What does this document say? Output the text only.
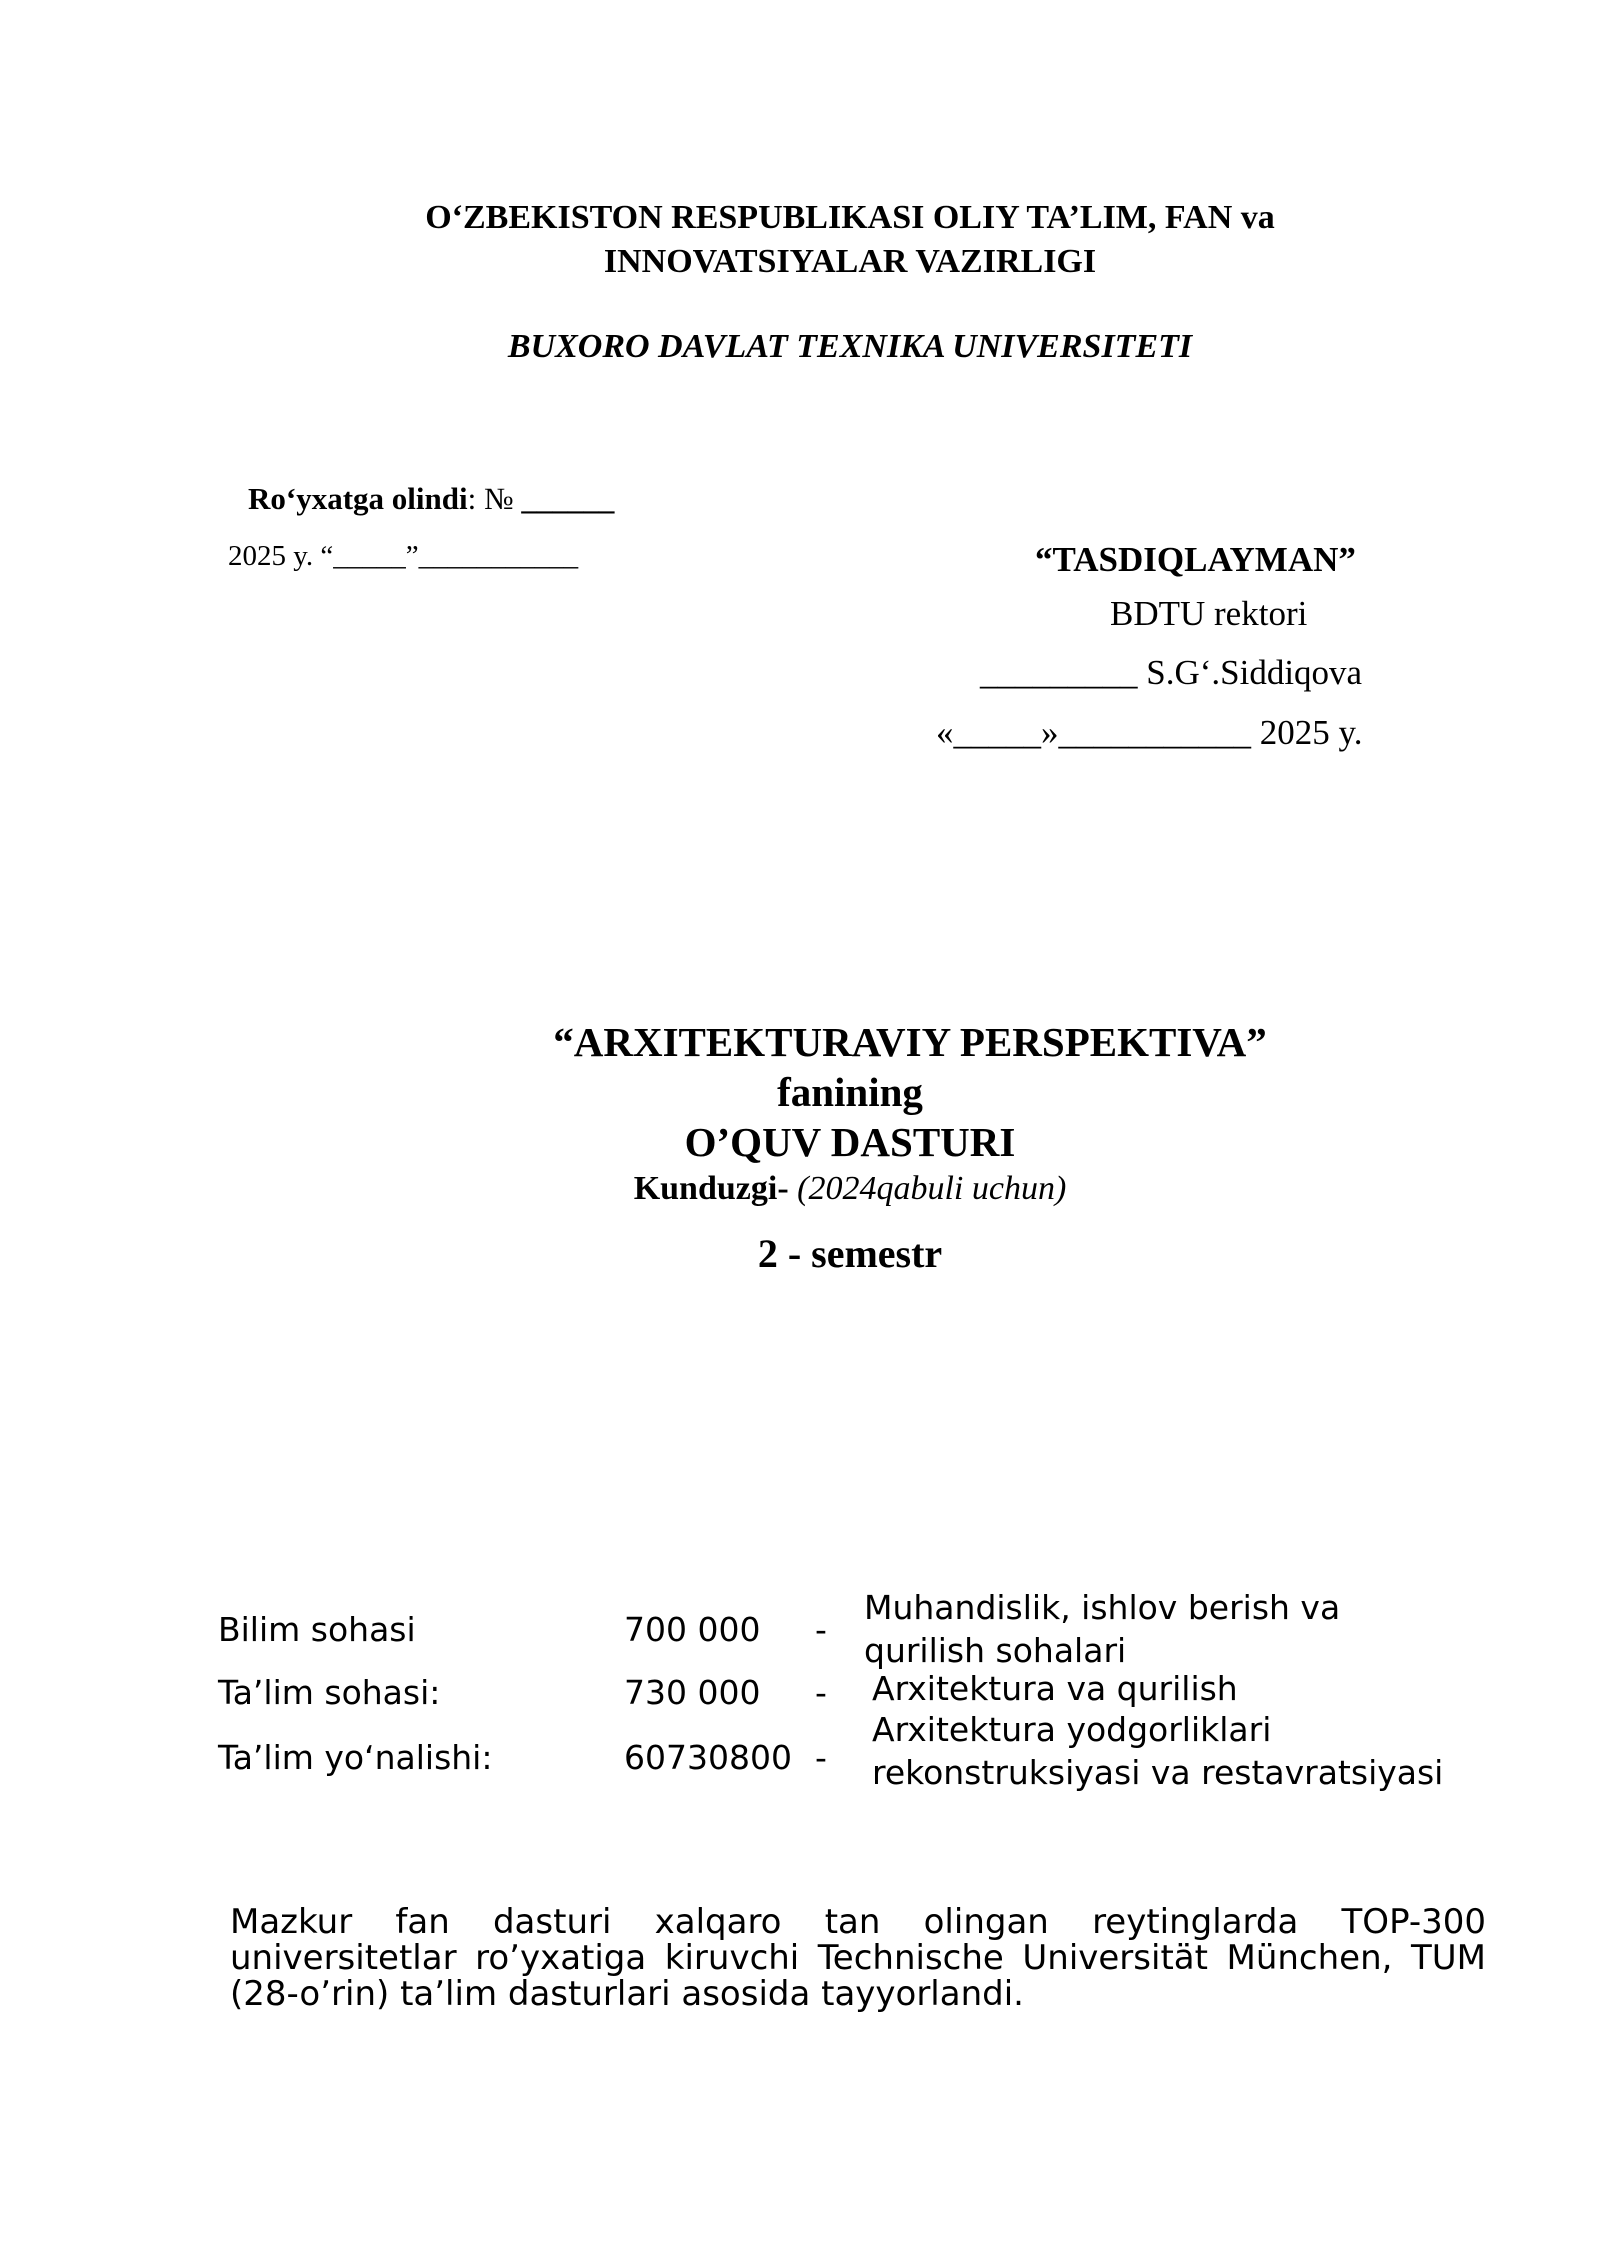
O‘ZBEKISTON RESPUBLIKASI OLIY TA’LIM, FAN va
INNOVATSIYALAR VAZIRLIGI
BUXORO DAVLAT TEXNIKA UNIVERSITETI
Ro‘yxatga olindi: № ______
2025 y. “_____”___________	“TASDIQLAYMAN”
BDTU rektori
_________ S.G‘.Siddiqova
«_____»___________ 2025 y.
“ARXITEKTURAVIY PERSPEKTIVA”
fanining
O’QUV DASTURI
Kunduzgi- (2024qabuli uchun)
2 - semestr
Bilim sohasi	700 000 -
Muhandislik, ishlov berish va
qurilish sohalari
Ta’lim sohasi:	730 000 - Arxitektura va qurilish
Ta’lim yo‘nalishi:	60730800 -
Arxitektura yodgorliklari
rekonstruksiyasi va restavratsiyasi
Mazkur fan dasturi xalqaro tan olingan reytinglarda TOP-300 universitetlar ro’yxatiga kiruvchi Technische Universität München, TUM (28-o’rin) ta’lim dasturlari asosida tayyorlandi.
